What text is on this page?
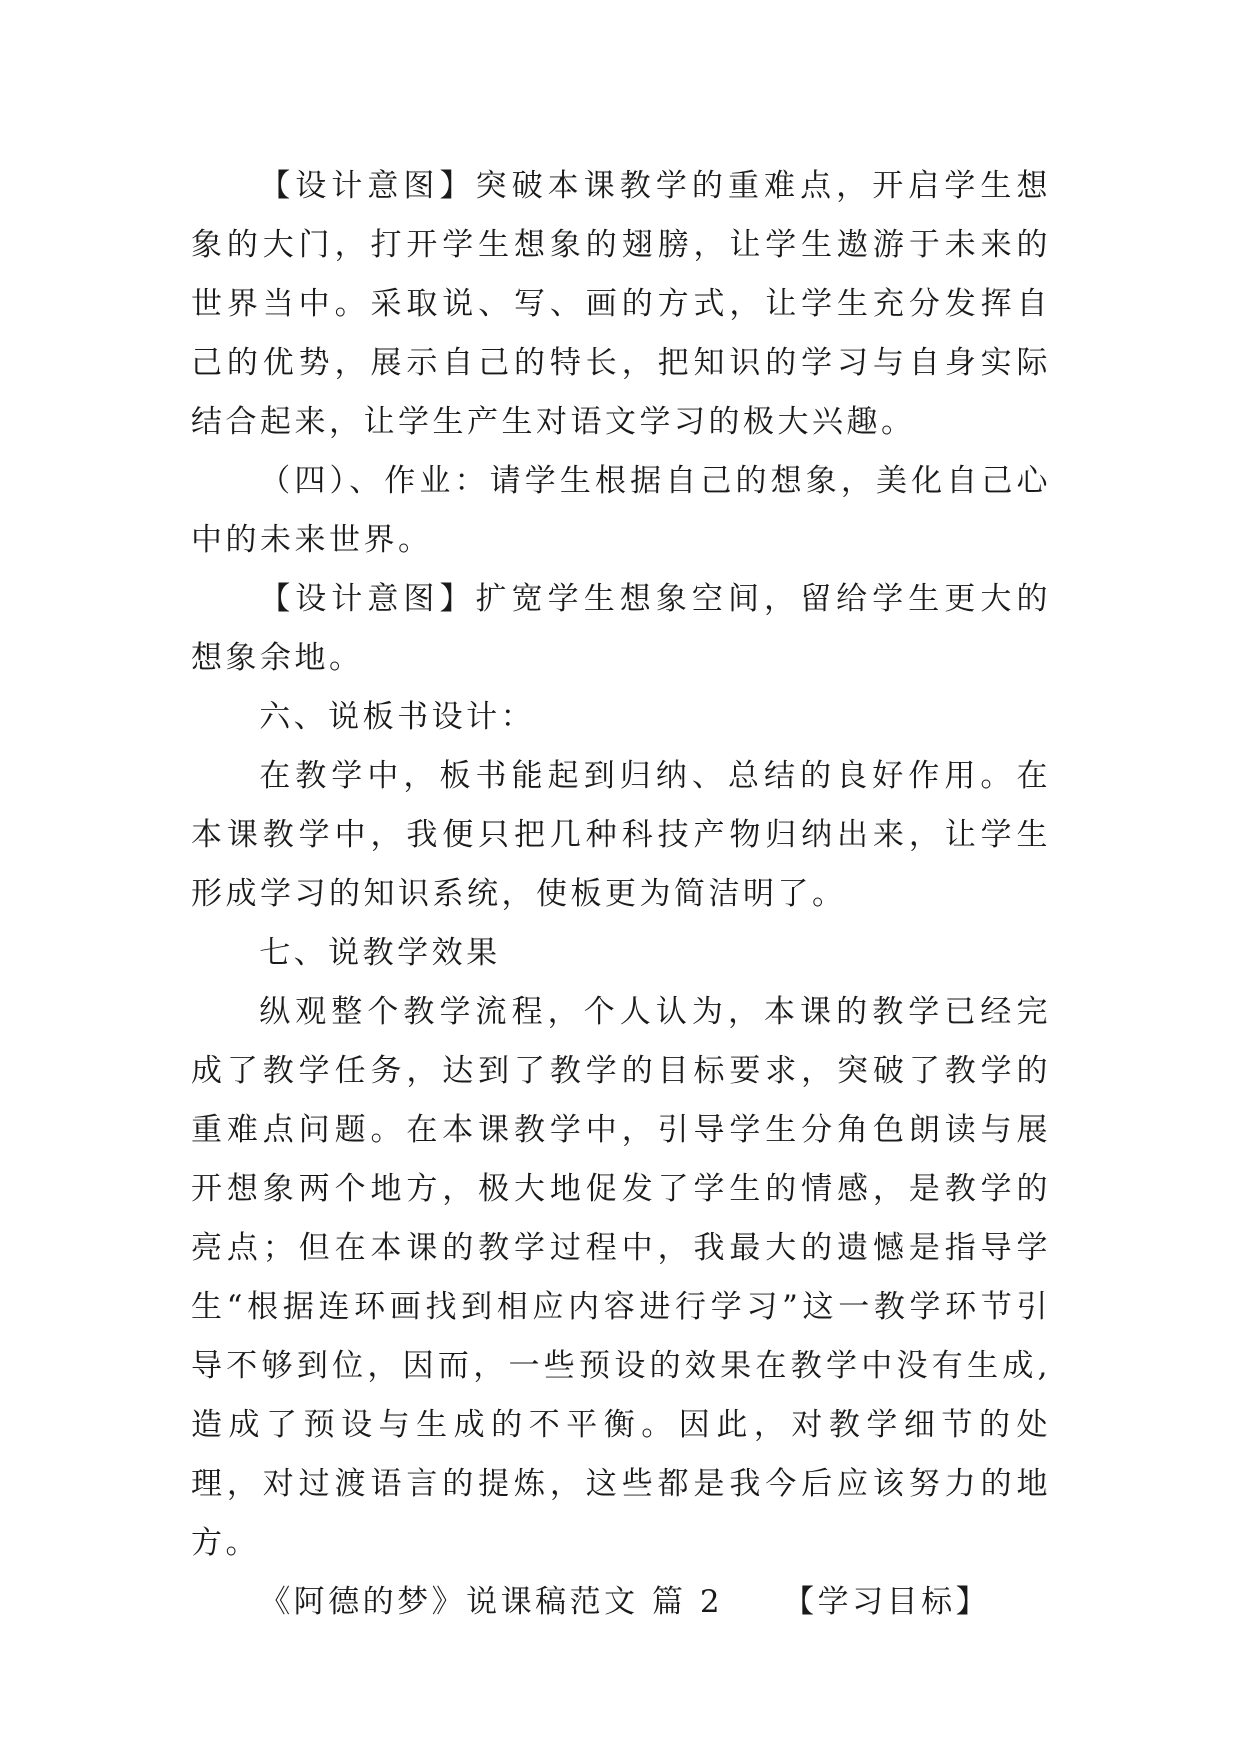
【设计意图】突破本课教学的重难点，开启学生想象的大门，打开学生想象的翅膀，让学生遨游于未来的世界当中。采取说、写、画的方式，让学生充分发挥自己的优势，展示自己的特长，把知识的学习与自身实际结合起来，让学生产生对语文学习的极大兴趣。

（四）、作业：请学生根据自己的想象，美化自己心中的未来世界。

【设计意图】扩宽学生想象空间，留给学生更大的想象余地。

六、说板书设计：

在教学中，板书能起到归纳、总结的良好作用。在本课教学中，我便只把几种科技产物归纳出来，让学生形成学习的知识系统，使板更为简洁明了。

七、说教学效果

纵观整个教学流程，个人认为，本课的教学已经完成了教学任务，达到了教学的目标要求，突破了教学的重难点问题。在本课教学中，引导学生分角色朗读与展开想象两个地方，极大地促发了学生的情感，是教学的亮点；但在本课的教学过程中，我最大的遗憾是指导学生“根据连环画找到相应内容进行学习”这一教学环节引导不够到位，因而，一些预设的效果在教学中没有生成,造成了预设与生成的不平衡。因此，对教学细节的处理，对过渡语言的提炼，这些都是我今后应该努力的地方。

《阿德的梦》说课稿范文 篇 2 【学习目标】
